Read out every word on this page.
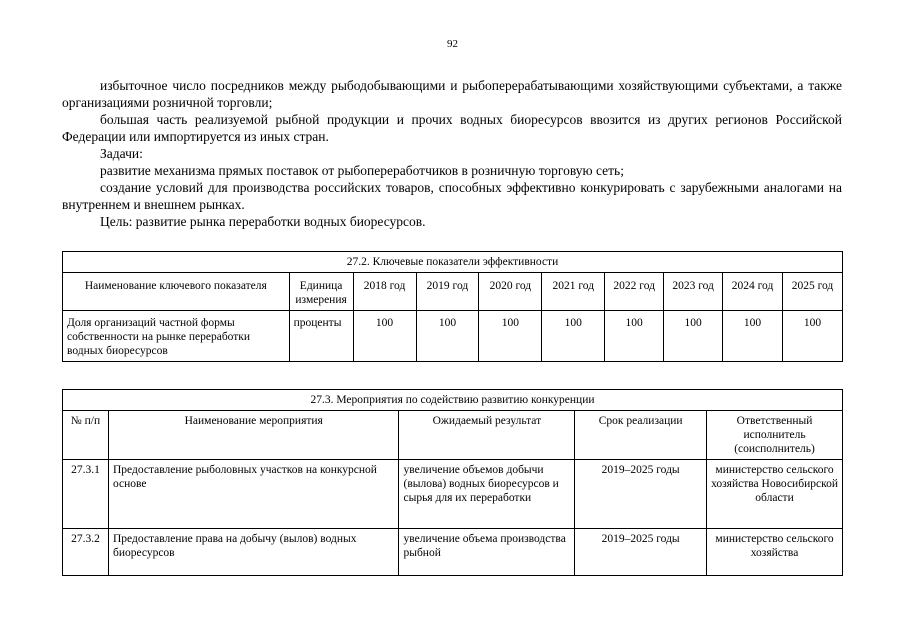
92

избыточное число посредников между рыбодобывающими и рыбоперерабатывающими хозяйствующими субъектами, а также организациями розничной торговли;

большая часть реализуемой рыбной продукции и прочих водных биоресурсов ввозится из других регионов Российской Федерации или импортируется из иных стран.

Задачи:

развитие механизма прямых поставок от рыбопереработчиков в розничную торговую сеть;

создание условий для производства российских товаров, способных эффективно конкурировать с зарубежными аналогами на внутреннем и внешнем рынках.

Цель: развитие рынка переработки водных биоресурсов.

27.2. Ключевые показатели эффективности									
Наименование ключевого показателя	Единица измерения	2018 год	2019 год	2020 год	2021 год	2022 год	2023 год	2024 год	2025 год
Доля организаций частной формы собственности на рынке переработки водных биоресурсов	проценты	100	100	100	100	100	100	100	100
27.3. Мероприятия по содействию развитию конкуренции				
№ п/п	Наименование мероприятия	Ожидаемый результат	Срок реализации	Ответственный исполнитель (соисполнитель)
27.3.1	Предоставление рыболовных участков на конкурсной основе	увеличение объемов добычи (вылова) водных биоресурсов и сырья для их переработки	2019–2025 годы	министерство сельского хозяйства Новосибирской области
27.3.2	Предоставление права на добычу (вылов) водных биоресурсов	увеличение объема производства рыбной	2019–2025 годы	министерство сельского хозяйства
